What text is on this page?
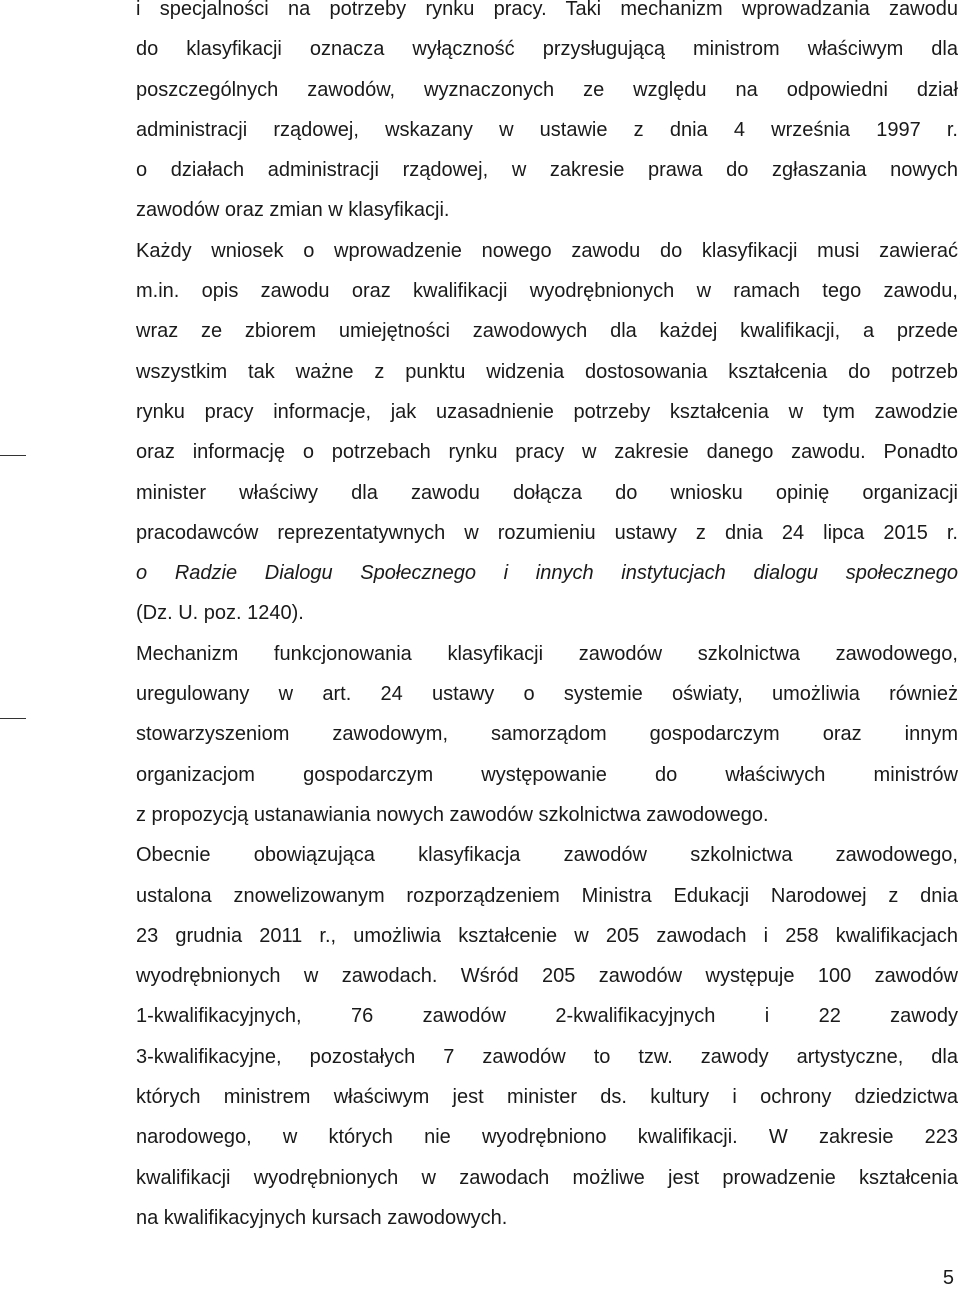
i specjalności na potrzeby rynku pracy. Taki mechanizm wprowadzania zawodu
do klasyfikacji oznacza wyłączność przysługującą ministrom właściwym dla
poszczególnych zawodów, wyznaczonych ze względu na odpowiedni dział
administracji rządowej, wskazany w ustawie z dnia 4 września 1997 r.
o działach administracji rządowej, w zakresie prawa do zgłaszania nowych
zawodów oraz zmian w klasyfikacji.
Każdy wniosek o wprowadzenie nowego zawodu do klasyfikacji musi zawierać
m.in. opis zawodu oraz kwalifikacji wyodrębnionych w ramach tego zawodu,
wraz ze zbiorem umiejętności zawodowych dla każdej kwalifikacji, a przede
wszystkim tak ważne z punktu widzenia dostosowania kształcenia do potrzeb
rynku pracy informacje, jak uzasadnienie potrzeby kształcenia w tym zawodzie
oraz informację o potrzebach rynku pracy w zakresie danego zawodu. Ponadto
minister właściwy dla zawodu dołącza do wniosku opinię organizacji
pracodawców reprezentatywnych w rozumieniu ustawy z dnia 24 lipca 2015 r.
o Radzie Dialogu Społecznego i innych instytucjach dialogu społecznego
(Dz. U. poz. 1240).
Mechanizm funkcjonowania klasyfikacji zawodów szkolnictwa zawodowego,
uregulowany w art. 24 ustawy o systemie oświaty, umożliwia również
stowarzyszeniom zawodowym, samorządom gospodarczym oraz innym
organizacjom gospodarczym występowanie do właściwych ministrów
z propozycją ustanawiania nowych zawodów szkolnictwa zawodowego.
Obecnie obowiązująca klasyfikacja zawodów szkolnictwa zawodowego,
ustalona znowelizowanym rozporządzeniem Ministra Edukacji Narodowej z dnia
23 grudnia 2011 r., umożliwia kształcenie w 205 zawodach i 258 kwalifikacjach
wyodrębnionych w zawodach. Wśród 205 zawodów występuje 100 zawodów
1-kwalifikacyjnych, 76 zawodów 2-kwalifikacyjnych i 22 zawody
3-kwalifikacyjne, pozostałych 7 zawodów to tzw. zawody artystyczne, dla
których ministrem właściwym jest minister ds. kultury i ochrony dziedzictwa
narodowego, w których nie wyodrębniono kwalifikacji. W zakresie 223
kwalifikacji wyodrębnionych w zawodach możliwe jest prowadzenie kształcenia
na kwalifikacyjnych kursach zawodowych.
5
